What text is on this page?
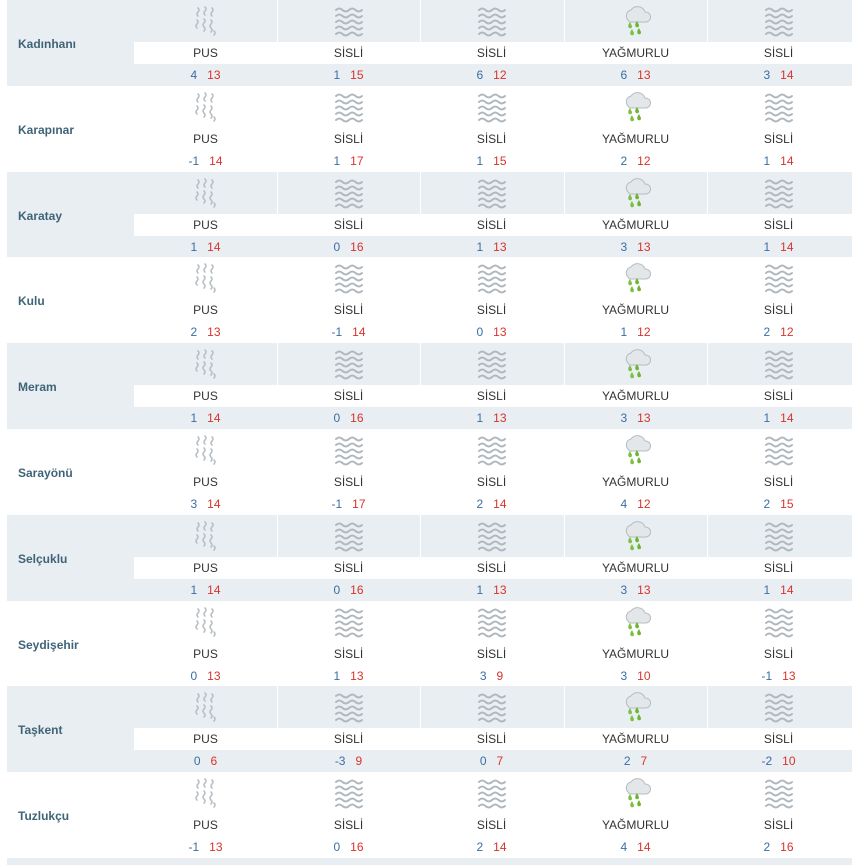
Kadınhanı
PUS
4 13
SİSLİ
1 15
SİSLİ
6 12
YAĞMURLU
6 13
SİSLİ
3 14
Karapınar
PUS
-1 14
SİSLİ
1 17
SİSLİ
1 15
YAĞMURLU
2 12
SİSLİ
1 14
Karatay
PUS
1 14
SİSLİ
0 16
SİSLİ
1 13
YAĞMURLU
3 13
SİSLİ
1 14
Kulu
PUS
2 13
SİSLİ
-1 14
SİSLİ
0 13
YAĞMURLU
1 12
SİSLİ
2 12
Meram
PUS
1 14
SİSLİ
0 16
SİSLİ
1 13
YAĞMURLU
3 13
SİSLİ
1 14
Sarayönü
PUS
3 14
SİSLİ
-1 17
SİSLİ
2 14
YAĞMURLU
4 12
SİSLİ
2 15
Selçuklu
PUS
1 14
SİSLİ
0 16
SİSLİ
1 13
YAĞMURLU
3 13
SİSLİ
1 14
Seydişehir
PUS
0 13
SİSLİ
1 13
SİSLİ
3 9
YAĞMURLU
3 10
SİSLİ
-1 13
Taşkent
PUS
0 6
SİSLİ
-3 9
SİSLİ
0 7
YAĞMURLU
2 7
SİSLİ
-2 10
Tuzlukçu
PUS
-1 13
SİSLİ
0 16
SİSLİ
2 14
YAĞMURLU
4 14
SİSLİ
2 16
